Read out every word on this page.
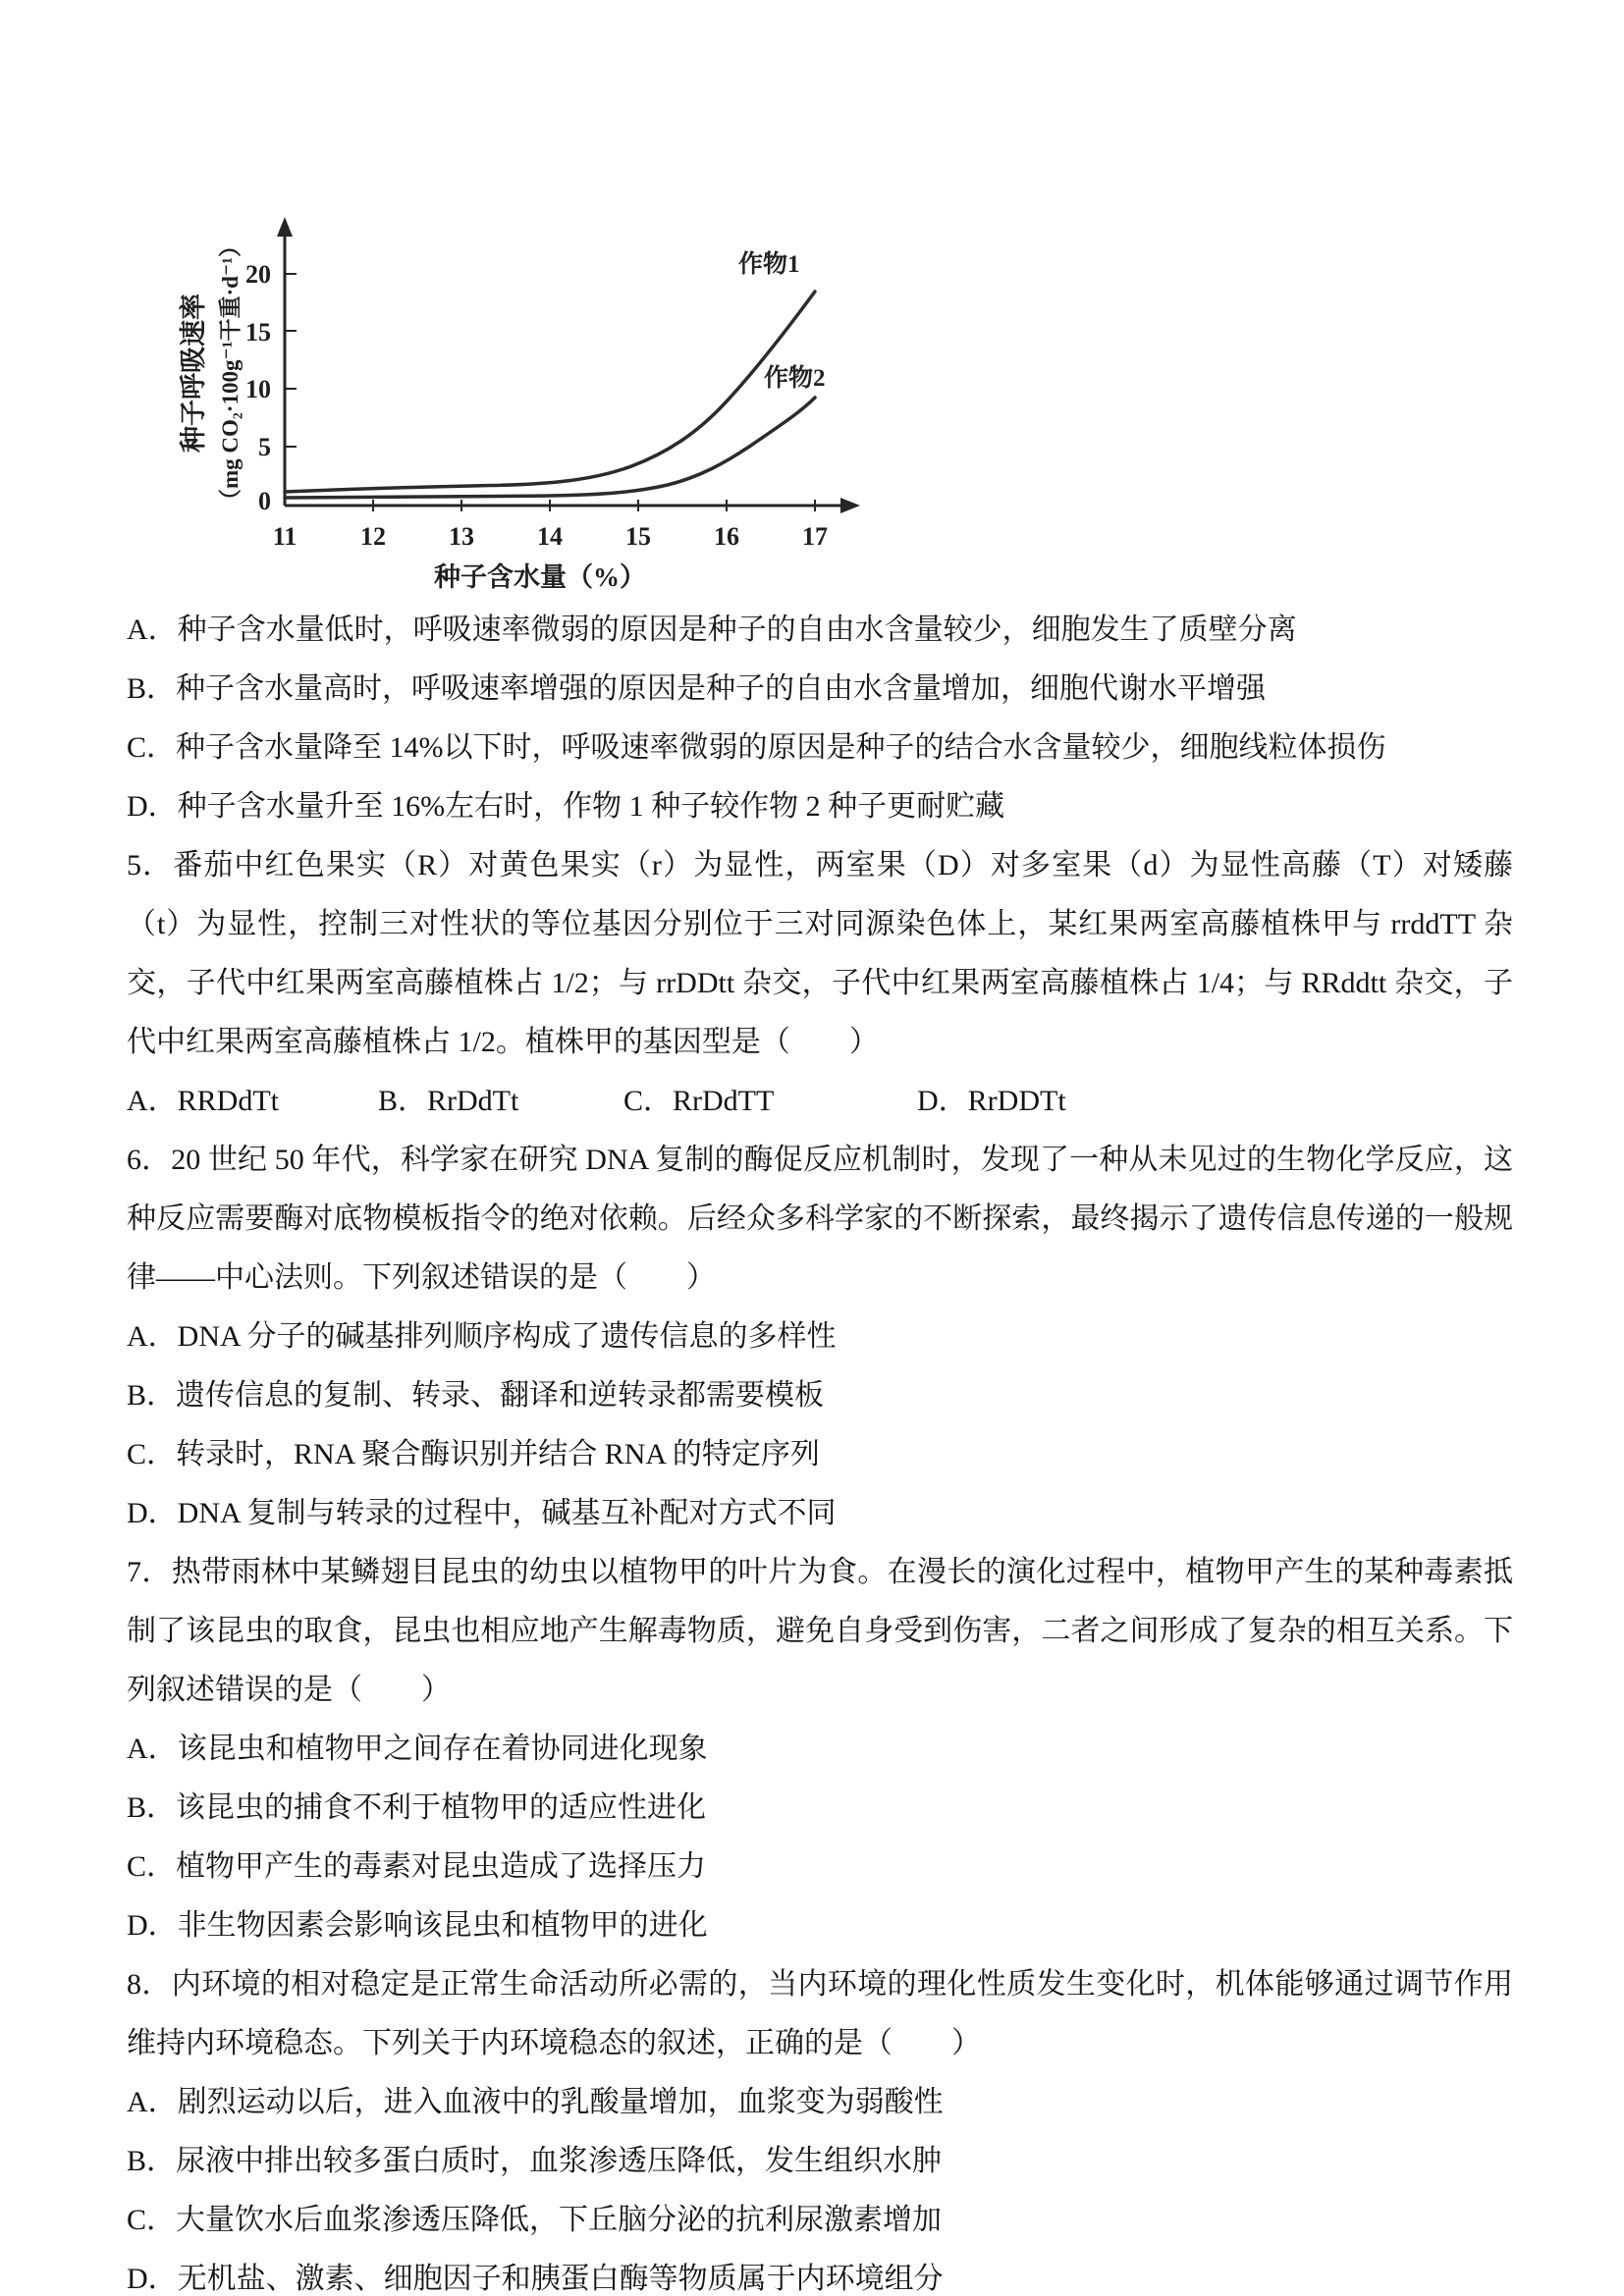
0
5
10
15
20
11 12 13 14 15 16 17
种子呼吸速率 （mg CO₂·100g⁻¹干重·d⁻¹）
种子含水量（%）
作物1
作物2
A．种子含水量低时，呼吸速率微弱的原因是种子的自由水含量较少，细胞发生了质壁分离
B．种子含水量高时，呼吸速率增强的原因是种子的自由水含量增加，细胞代谢水平增强
C．种子含水量降至 14%以下时，呼吸速率微弱的原因是种子的结合水含量较少，细胞线粒体损伤
D．种子含水量升至 16%左右时，作物 1 种子较作物 2 种子更耐贮藏

5．番茄中红色果实（R）对黄色果实（r）为显性，两室果（D）对多室果（d）为显性高藤（T）对矮藤（t）为显性，控制三对性状的等位基因分别位于三对同源染色体上，某红果两室高藤植株甲与 rrddTT 杂交，子代中红果两室高藤植株占 1/2；与 rrDDtt 杂交，子代中红果两室高藤植株占 1/4；与 RRddtt 杂交，子代中红果两室高藤植株占 1/2。植株甲的基因型是（　　）

A．RRDdTt	B．RrDdTt	C．RrDdTT	D．RrDDTt

6．20 世纪 50 年代，科学家在研究 DNA 复制的酶促反应机制时，发现了一种从未见过的生物化学反应，这种反应需要酶对底物模板指令的绝对依赖。后经众多科学家的不断探索，最终揭示了遗传信息传递的一般规律——中心法则。下列叙述错误的是（　　）

A．DNA 分子的碱基排列顺序构成了遗传信息的多样性
B．遗传信息的复制、转录、翻译和逆转录都需要模板
C．转录时，RNA 聚合酶识别并结合 RNA 的特定序列
D．DNA 复制与转录的过程中，碱基互补配对方式不同

7．热带雨林中某鳞翅目昆虫的幼虫以植物甲的叶片为食。在漫长的演化过程中，植物甲产生的某种毒素抵制了该昆虫的取食，昆虫也相应地产生解毒物质，避免自身受到伤害，二者之间形成了复杂的相互关系。下列叙述错误的是（　　）

A．该昆虫和植物甲之间存在着协同进化现象
B．该昆虫的捕食不利于植物甲的适应性进化
C．植物甲产生的毒素对昆虫造成了选择压力
D．非生物因素会影响该昆虫和植物甲的进化

8．内环境的相对稳定是正常生命活动所必需的，当内环境的理化性质发生变化时，机体能够通过调节作用维持内环境稳态。下列关于内环境稳态的叙述，正确的是（　　）

A．剧烈运动以后，进入血液中的乳酸量增加，血浆变为弱酸性
B．尿液中排出较多蛋白质时，血浆渗透压降低，发生组织水肿
C．大量饮水后血浆渗透压降低，下丘脑分泌的抗利尿激素增加
D．无机盐、激素、细胞因子和胰蛋白酶等物质属于内环境组分
